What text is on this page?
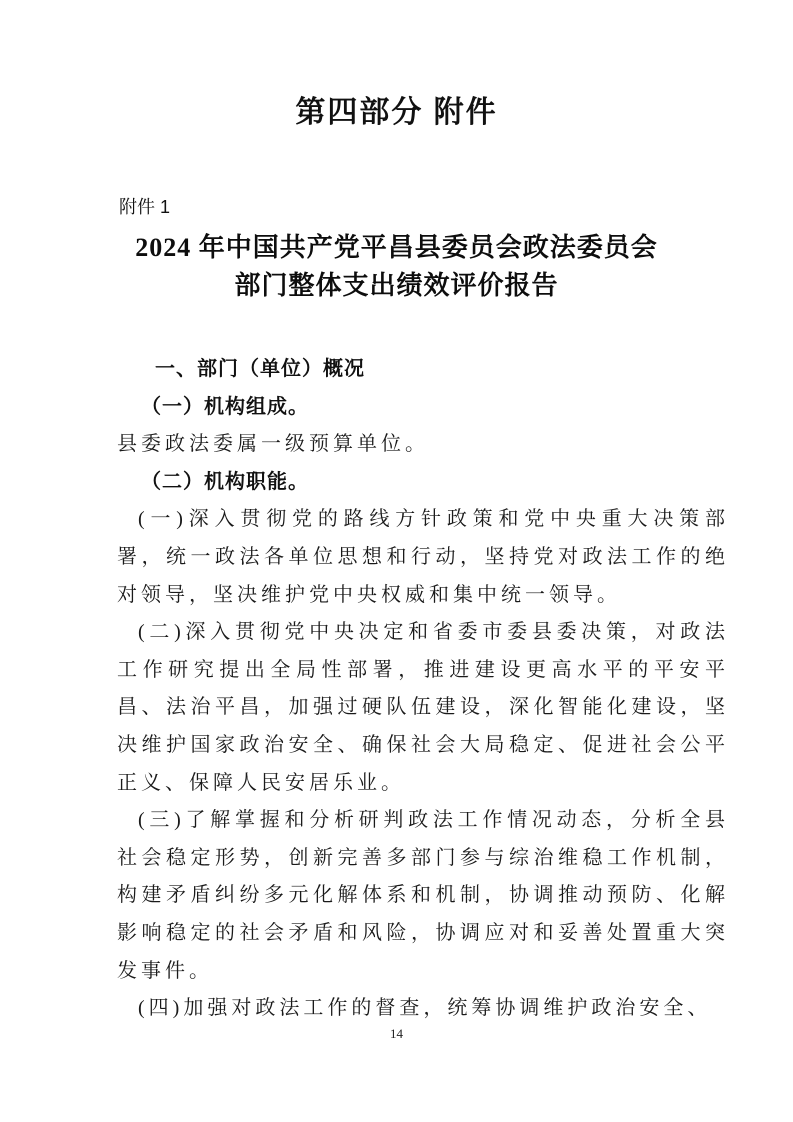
第四部分 附件
附件 1
2024 年中国共产党平昌县委员会政法委员会
部门整体支出绩效评价报告
一、部门（单位）概况
（一）机构组成。
县委政法委属一级预算单位。
（二）机构职能。
(一)深入贯彻党的路线方针政策和党中央重大决策部署，统一政法各单位思想和行动，坚持党对政法工作的绝对领导，坚决维护党中央权威和集中统一领导。
(二)深入贯彻党中央决定和省委市委县委决策，对政法工作研究提出全局性部署，推进建设更高水平的平安平昌、法治平昌，加强过硬队伍建设，深化智能化建设，坚决维护国家政治安全、确保社会大局稳定、促进社会公平正义、保障人民安居乐业。
(三)了解掌握和分析研判政法工作情况动态，分析全县社会稳定形势，创新完善多部门参与综治维稳工作机制，构建矛盾纠纷多元化解体系和机制，协调推动预防、化解影响稳定的社会矛盾和风险，协调应对和妥善处置重大突发事件。
(四)加强对政法工作的督查，统筹协调维护政治安全、
14
